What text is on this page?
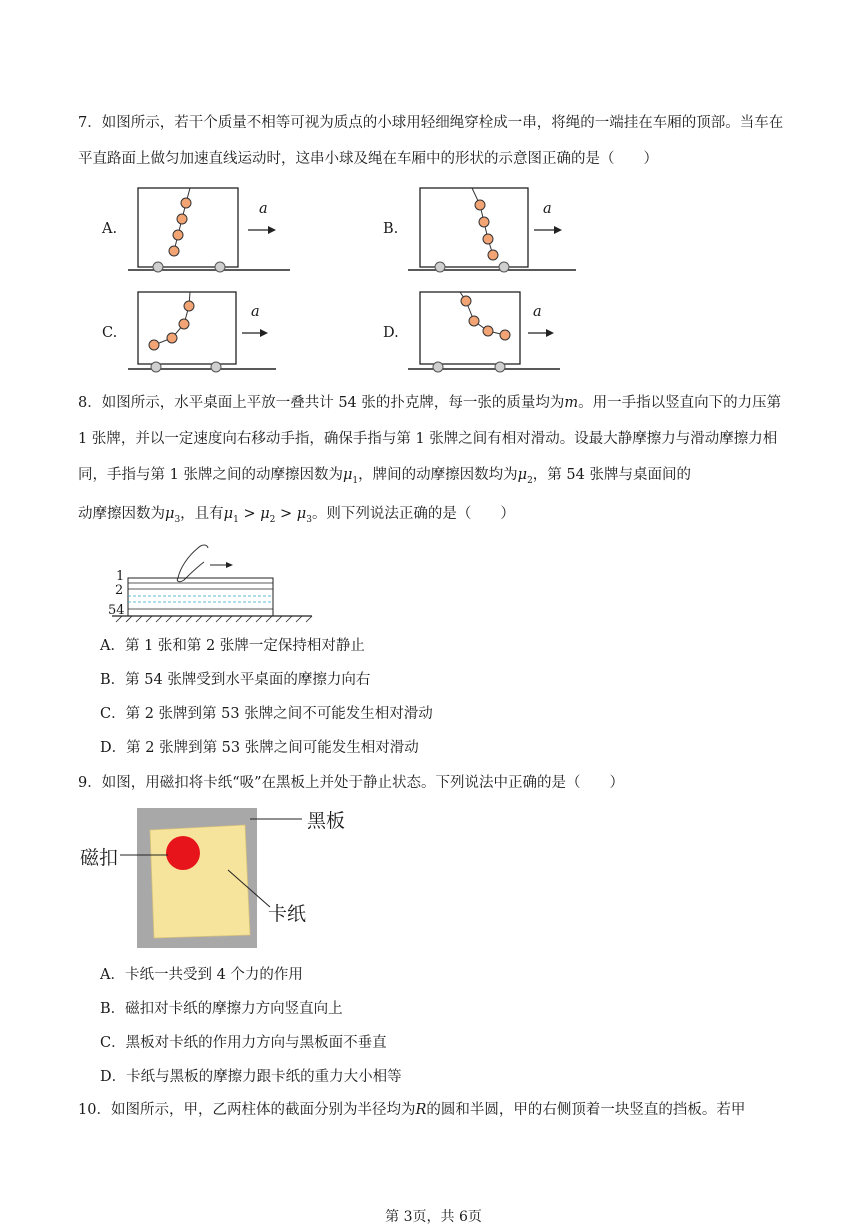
7．如图所示，若干个质量不相等可视为质点的小球用轻细绳穿栓成一串，将绳的一端挂在车厢的顶部。当车在平直路面上做匀加速直线运动时，这串小球及绳在车厢中的形状的示意图正确的是（　　）

A.	B.
C.	D.
a	a
a	a

8．如图所示，水平桌面上平放一叠共计 54 张的扑克牌，每一张的质量均为m。用一手指以竖直向下的力压第 1 张牌，并以一定速度向右移动手指，确保手指与第 1 张牌之间有相对滑动。设最大静摩擦力与滑动摩擦力相同，手指与第 1 张牌之间的动摩擦因数为$\mu_1$，牌间的动摩擦因数均为$\mu_2$，第 54 张牌与桌面间的

动摩擦因数为$\mu_3$，且有$\mu_1 > \mu_2 > \mu_3$。则下列说法正确的是（　　）

1
2
54

A．第 1 张和第 2 张牌一定保持相对静止

B．第 54 张牌受到水平桌面的摩擦力向右

C．第 2 张牌到第 53 张牌之间不可能发生相对滑动

D．第 2 张牌到第 53 张牌之间可能发生相对滑动

9．如图，用磁扣将卡纸“吸”在黑板上并处于静止状态。下列说法中正确的是（　　）

黑板
磁扣
卡纸

A．卡纸一共受到 4 个力的作用

B．磁扣对卡纸的摩擦力方向竖直向上

C．黑板对卡纸的作用力方向与黑板面不垂直

D．卡纸与黑板的摩擦力跟卡纸的重力大小相等

10．如图所示，甲，乙两柱体的截面分别为半径均为R的圆和半圆，甲的右侧顶着一块竖直的挡板。若甲

第 3页，共 6页
